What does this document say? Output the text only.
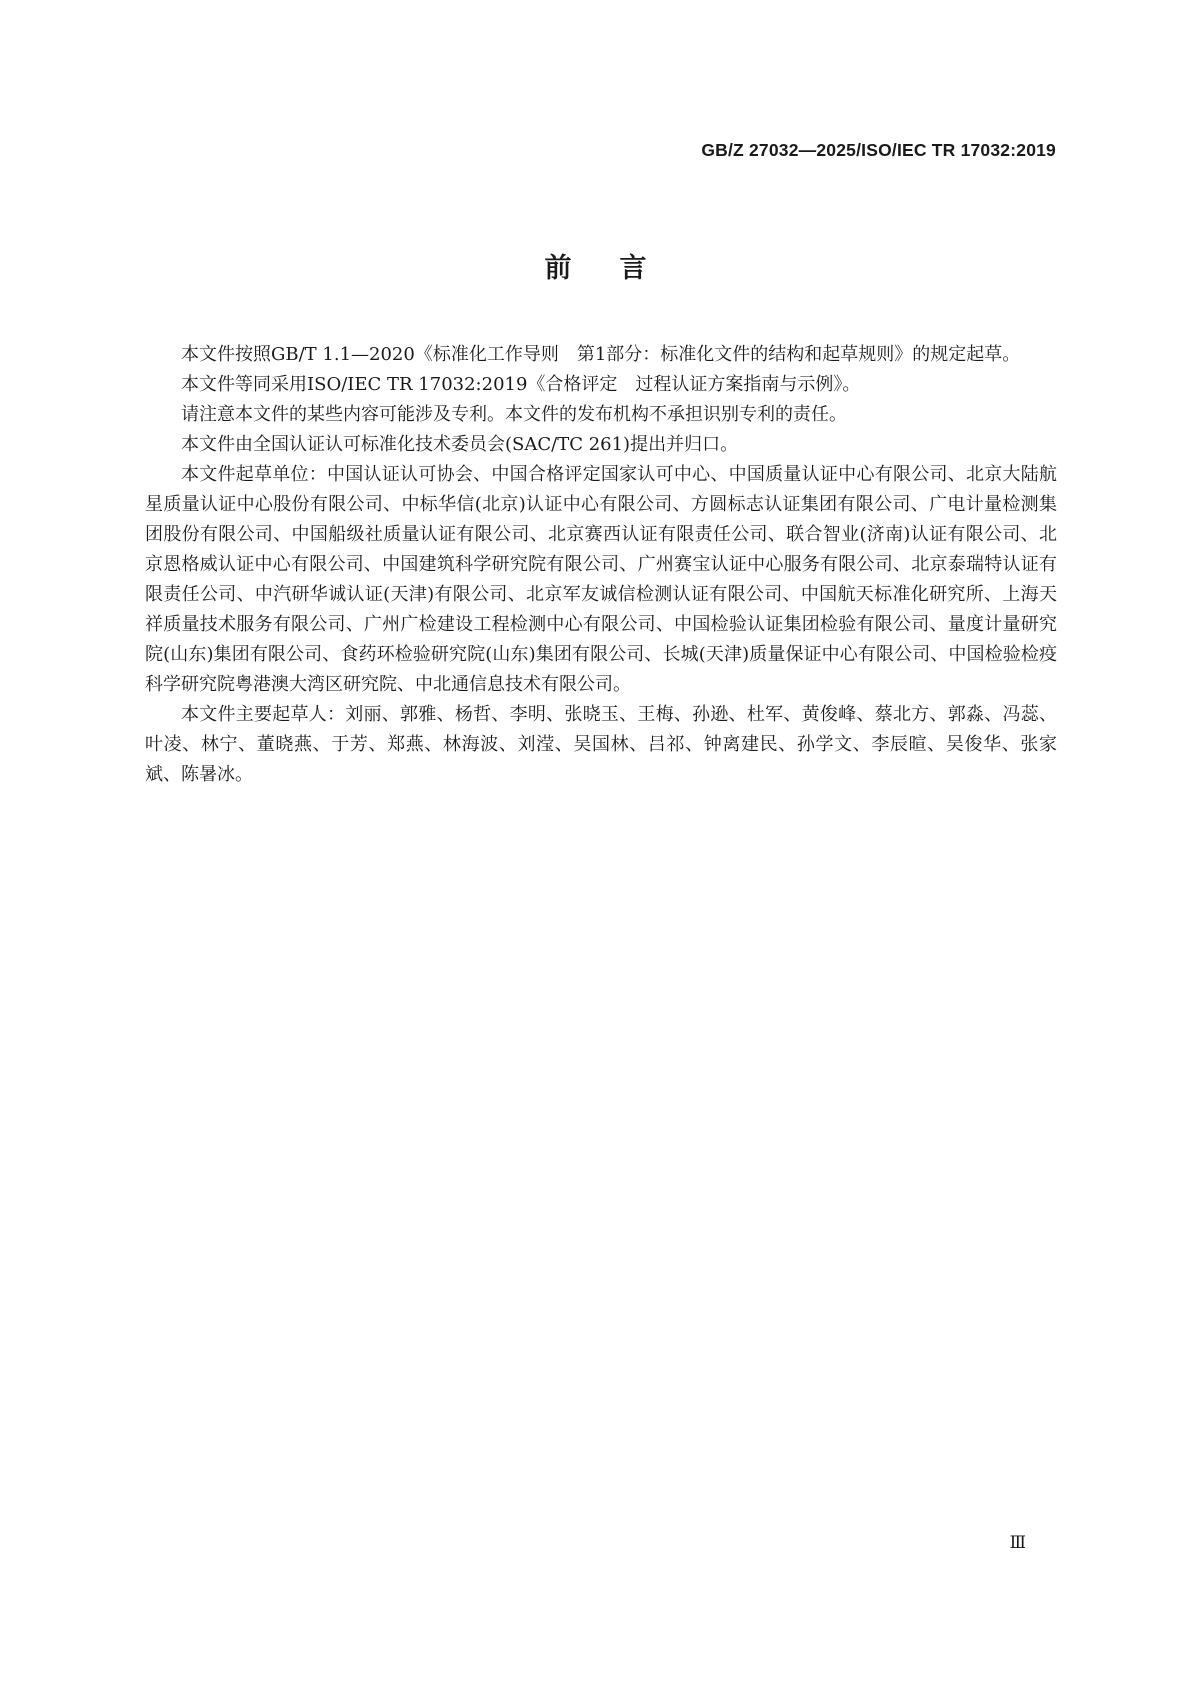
GB/Z 27032—2025/ISO/IEC TR 17032:2019
前言

本文件按照GB/T 1.1—2020《标准化工作导则　第1部分：标准化文件的结构和起草规则》的规定起草。

本文件等同采用ISO/IEC TR 17032:2019《合格评定　过程认证方案指南与示例》。

请注意本文件的某些内容可能涉及专利。本文件的发布机构不承担识别专利的责任。

本文件由全国认证认可标准化技术委员会(SAC/TC 261)提出并归口。

本文件起草单位：中国认证认可协会、中国合格评定国家认可中心、中国质量认证中心有限公司、北京大陆航星质量认证中心股份有限公司、中标华信(北京)认证中心有限公司、方圆标志认证集团有限公司、广电计量检测集团股份有限公司、中国船级社质量认证有限公司、北京赛西认证有限责任公司、联合智业(济南)认证有限公司、北京恩格威认证中心有限公司、中国建筑科学研究院有限公司、广州赛宝认证中心服务有限公司、北京泰瑞特认证有限责任公司、中汽研华诚认证(天津)有限公司、北京军友诚信检测认证有限公司、中国航天标准化研究所、上海天祥质量技术服务有限公司、广州广检建设工程检测中心有限公司、中国检验认证集团检验有限公司、量度计量研究院(山东)集团有限公司、食药环检验研究院(山东)集团有限公司、长城(天津)质量保证中心有限公司、中国检验检疫科学研究院粤港澳大湾区研究院、中北通信息技术有限公司。

本文件主要起草人：刘丽、郭雅、杨哲、李明、张晓玉、王梅、孙逊、杜军、黄俊峰、蔡北方、郭淼、冯蕊、叶凌、林宁、董晓燕、于芳、郑燕、林海波、刘滢、吴国林、吕祁、钟离建民、孙学文、李辰暄、吴俊华、张家斌、陈暑冰。

Ⅲ
